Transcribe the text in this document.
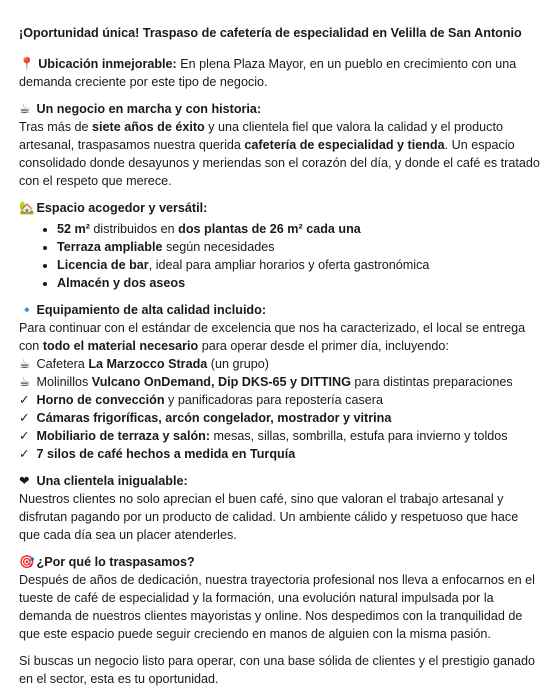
¡Oportunidad única! Traspaso de cafetería de especialidad en Velilla de San Antonio

📍 Ubicación inmejorable: En plena Plaza Mayor, en un pueblo en crecimiento con una demanda creciente por este tipo de negocio.
☕ Un negocio en marcha y con historia:

Tras más de siete años de éxito y una clientela fiel que valora la calidad y el producto artesanal, traspasamos nuestra querida cafetería de especialidad y tienda. Un espacio consolidado donde desayunos y meriendas son el corazón del día, y donde el café es tratado con el respeto que merece.

🏡 Espacio acogedor y versátil:
• 52 m² distribuidos en dos plantas de 26 m² cada una
• Terraza ampliable según necesidades
• Licencia de bar, ideal para ampliar horarios y oferta gastronómica
• Almacén y dos aseos
🔹 Equipamiento de alta calidad incluido:

Para continuar con el estándar de excelencia que nos ha caracterizado, el local se entrega con todo el material necesario para operar desde el primer día, incluyendo:

☕ Cafetera La Marzocco Strada (un grupo)
☕ Molinillos Vulcano OnDemand, Dip DKS-65 y DITTING para distintas preparaciones
✓ Horno de convección y panificadoras para repostería casera
✓ Cámaras frigoríficas, arcón congelador, mostrador y vitrina
✓ Mobiliario de terraza y salón: mesas, sillas, sombrilla, estufa para invierno y toldos
✓ 7 silos de café hechos a medida en Turquía
❤ Una clientela inigualable:

Nuestros clientes no solo aprecian el buen café, sino que valoran el trabajo artesanal y disfrutan pagando por un producto de calidad. Un ambiente cálido y respetuoso que hace que cada día sea un placer atenderles.

🎯 ¿Por qué lo traspasamos?

Después de años de dedicación, nuestra trayectoria profesional nos lleva a enfocarnos en el tueste de café de especialidad y la formación, una evolución natural impulsada por la demanda de nuestros clientes mayoristas y online. Nos despedimos con la tranquilidad de que este espacio puede seguir creciendo en manos de alguien con la misma pasión.

Si buscas un negocio listo para operar, con una base sólida de clientes y el prestigio ganado en el sector, esta es tu oportunidad.
